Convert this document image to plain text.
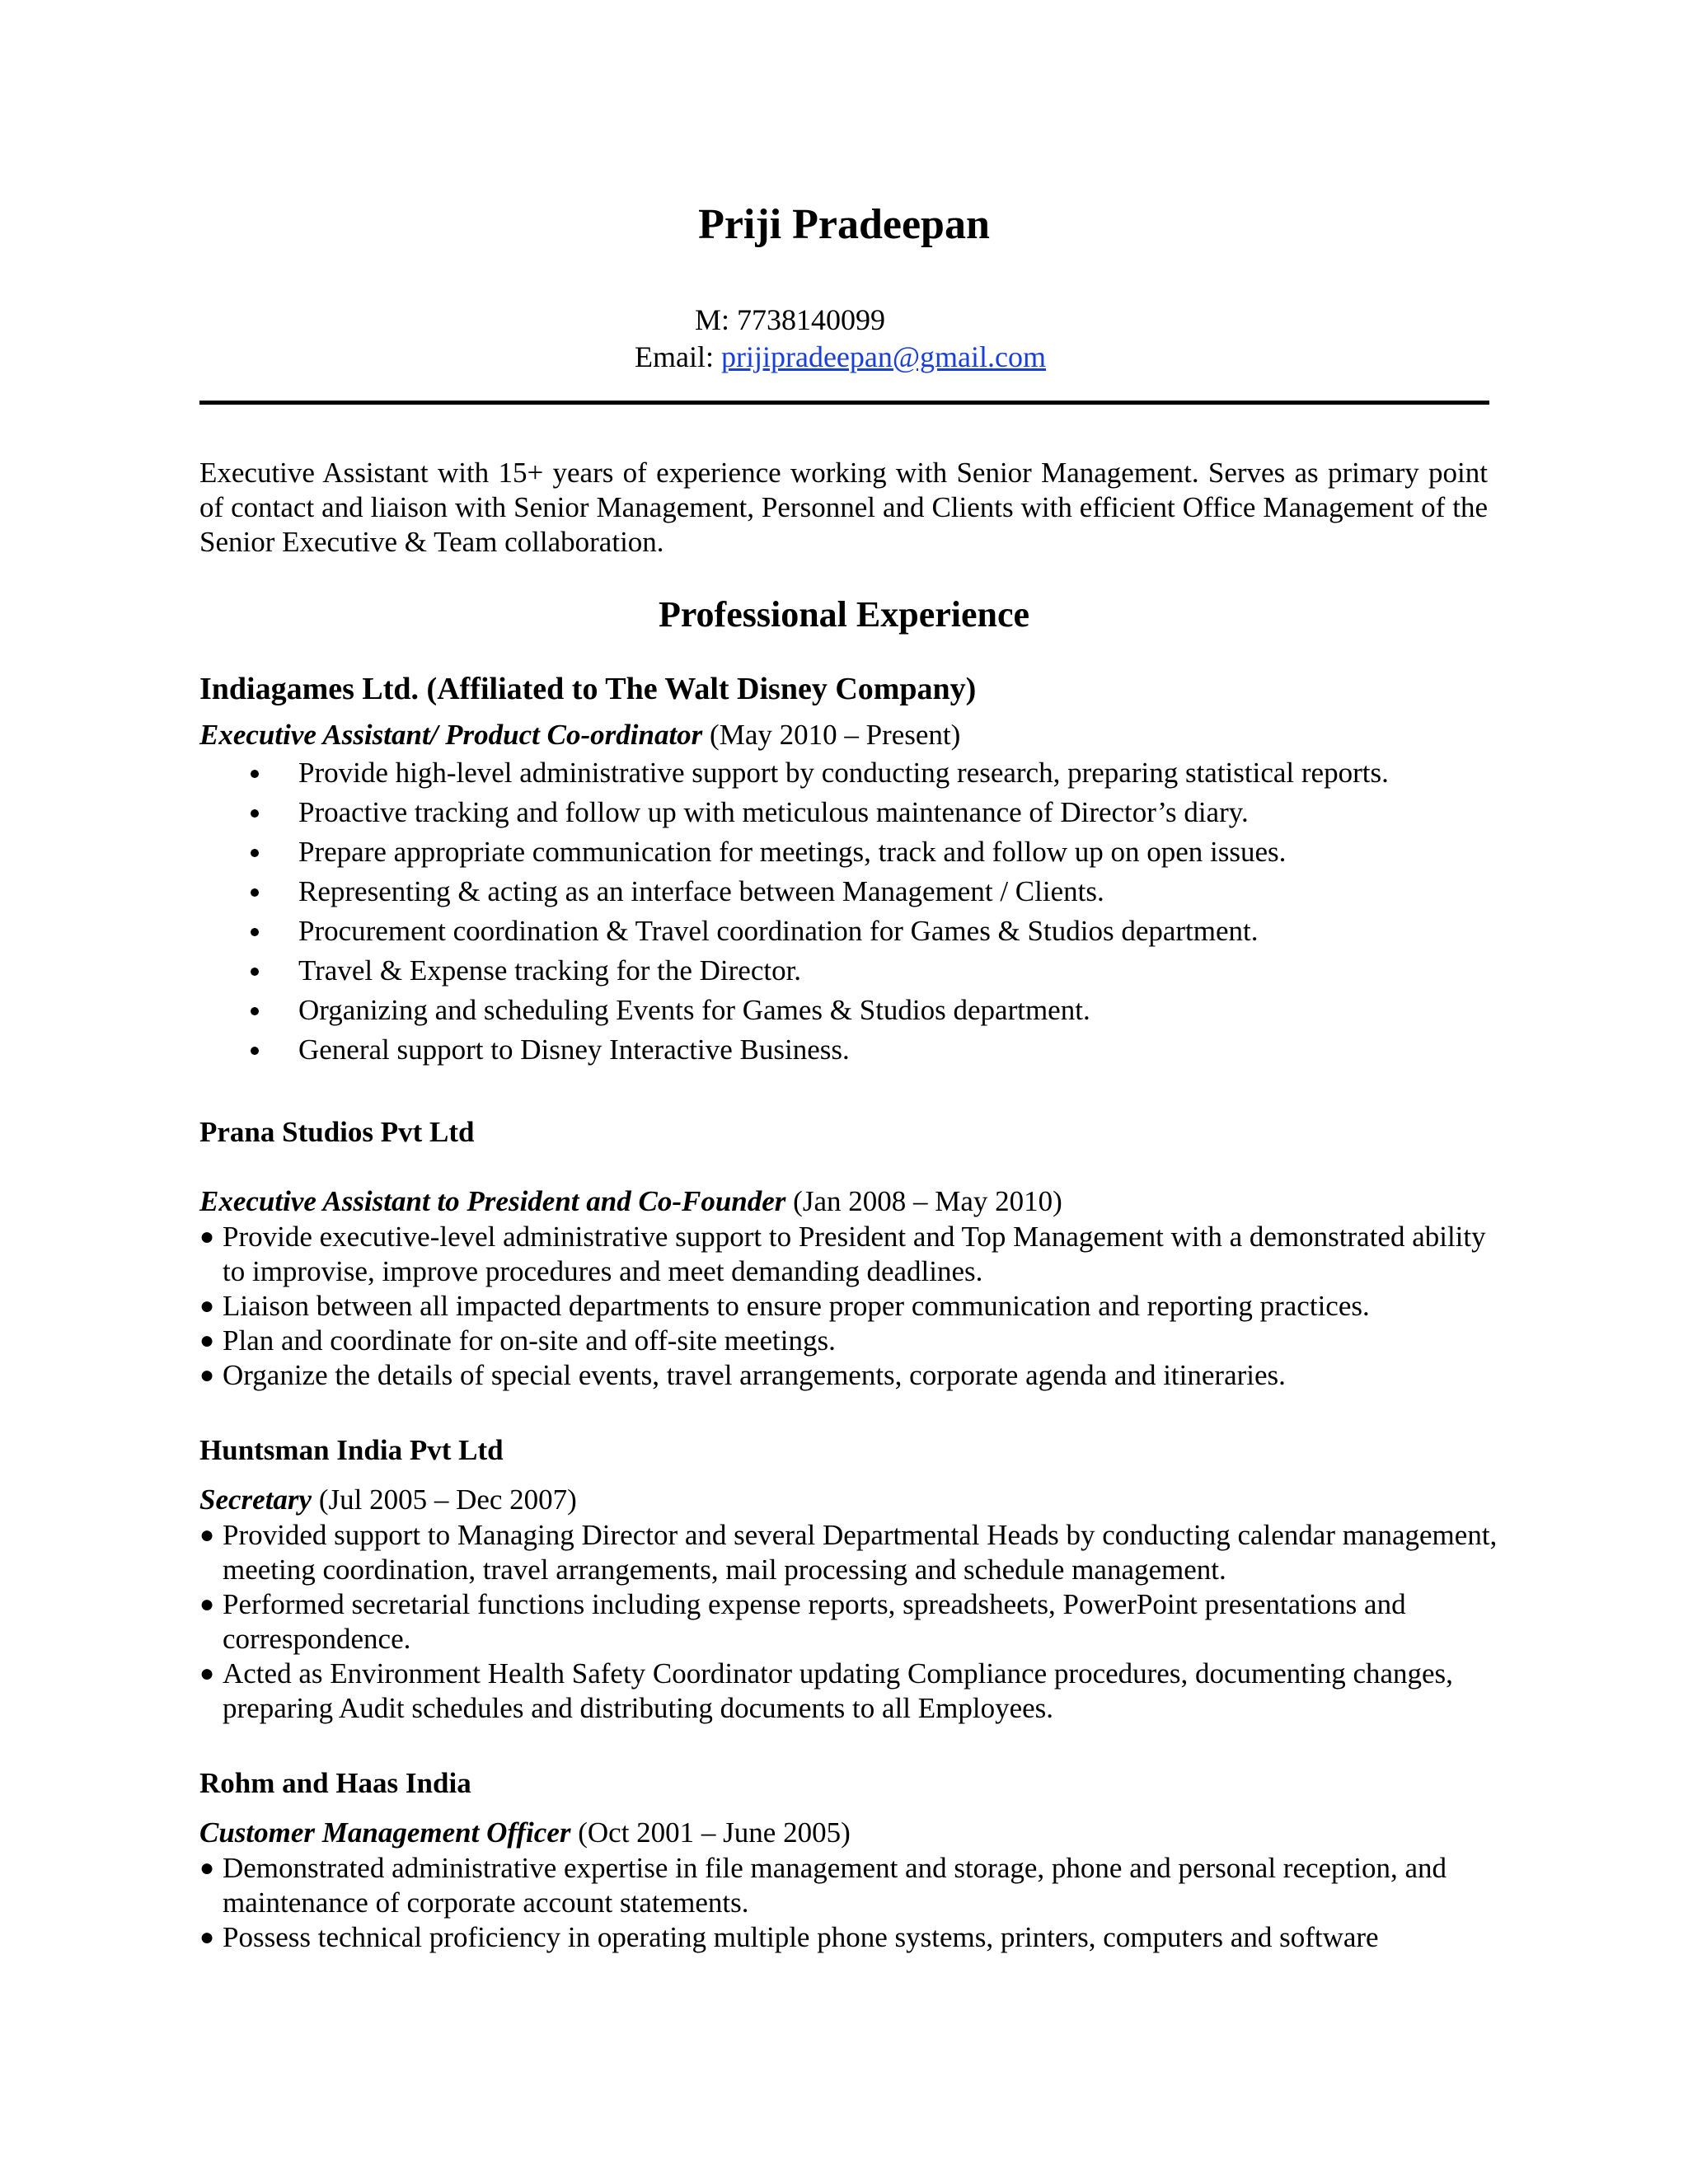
Priji Pradeepan
M: 7738140099
Email: prijipradeepan@gmail.com
Executive Assistant with 15+ years of experience working with Senior Management. Serves as primary point of contact and liaison with Senior Management, Personnel and Clients with efficient Office Management of the Senior Executive & Team collaboration.
Professional Experience
Indiagames Ltd. (Affiliated to The Walt Disney Company)
Executive Assistant/ Product Co-ordinator (May 2010 – Present)
Provide high-level administrative support by conducting research, preparing statistical reports.
Proactive tracking and follow up with meticulous maintenance of Director’s diary.
Prepare appropriate communication for meetings, track and follow up on open issues.
Representing & acting as an interface between Management / Clients.
Procurement coordination & Travel coordination for Games & Studios department.
Travel & Expense tracking for the Director.
Organizing and scheduling Events for Games & Studios department.
General support to Disney Interactive Business.
Prana Studios Pvt Ltd
Executive Assistant to President and Co-Founder (Jan 2008 – May 2010)
● Provide executive-level administrative support to President and Top Management with a demonstrated ability to improvise, improve procedures and meet demanding deadlines.
● Liaison between all impacted departments to ensure proper communication and reporting practices.
● Plan and coordinate for on-site and off-site meetings.
● Organize the details of special events, travel arrangements, corporate agenda and itineraries.
Huntsman India Pvt Ltd
Secretary (Jul 2005 – Dec 2007)
● Provided support to Managing Director and several Departmental Heads by conducting calendar management, meeting coordination, travel arrangements, mail processing and schedule management.
● Performed secretarial functions including expense reports, spreadsheets, PowerPoint presentations and correspondence.
● Acted as Environment Health Safety Coordinator updating Compliance procedures, documenting changes, preparing Audit schedules and distributing documents to all Employees.
Rohm and Haas India
Customer Management Officer (Oct 2001 – June 2005)
● Demonstrated administrative expertise in file management and storage, phone and personal reception, and maintenance of corporate account statements.
● Possess technical proficiency in operating multiple phone systems, printers, computers and software
